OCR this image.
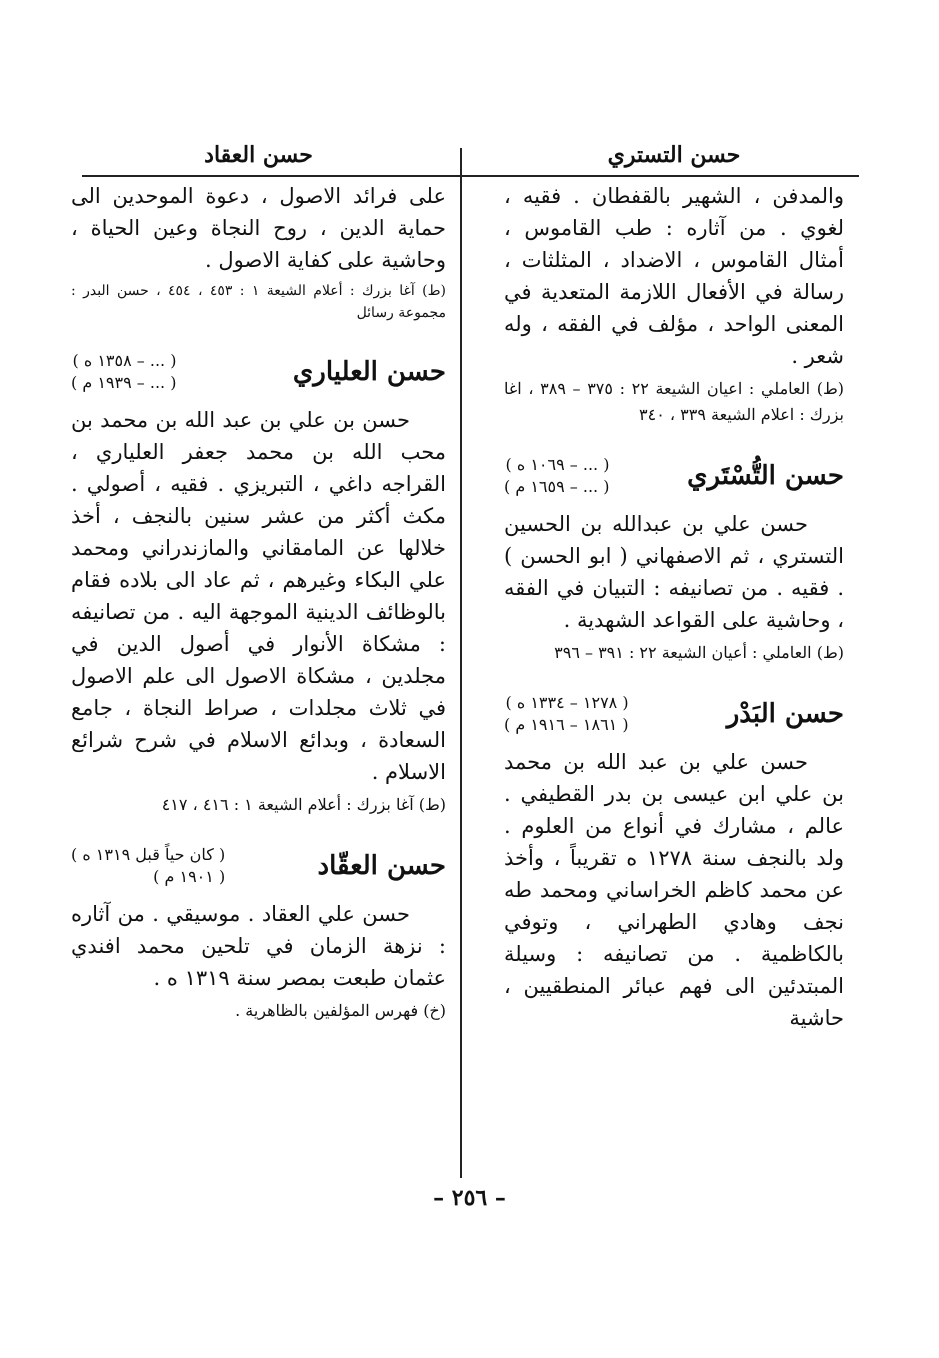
حسن التستري

والمدفن ، الشهير بالقفطان . فقيه ، لغوي . من آثاره : طب القاموس ، أمثال القاموس ، الاضداد ، المثلثات ، رسالة في الأفعال اللازمة المتعدية في المعنى الواحد ، مؤلف في الفقه ، وله شعر .

(ط) العاملي : اعيان الشيعة ٢٢ : ٣٧٥ – ٣٨٩ ، اغا بزرك : اعلام الشيعة ٣٣٩ ، ٣٤٠

حسن التُّسْتَري
( ... – ١٠٦٩ ه )
( ... – ١٦٥٩ م )

حسن علي بن عبدالله بن الحسين التستري ، ثم الاصفهاني ( ابو الحسن ) . فقيه . من تصانيفه : التبيان في الفقه ، وحاشية على القواعد الشهدية .

(ط) العاملي : أعيان الشيعة ٢٢ : ٣٩١ – ٣٩٦

حسن البَدْر
( ١٢٧٨ – ١٣٣٤ ه )
( ١٨٦١ – ١٩١٦ م )

حسن علي بن عبد الله بن محمد بن علي ابن عيسى بن بدر القطيفي . عالم ، مشارك في أنواع من العلوم . ولد بالنجف سنة ١٢٧٨ ه تقريباً ، وأخذ عن محمد كاظم الخراساني ومحمد طه نجف وهادي الطهراني ، وتوفي بالكاظمية . من تصانيفه : وسيلة المبتدئين الى فهم عبائر المنطقيين ، حاشية

حسن العقاد

على فرائد الاصول ، دعوة الموحدين الى حماية الدين ، روح النجاة وعين الحياة ، وحاشية على كفاية الاصول .

(ط) آغا بزرك : أعلام الشيعة ١ : ٤٥٣ ، ٤٥٤ ، حسن البدر : مجموعة رسائل

حسن العلياري
( ... – ١٣٥٨ ه )
( ... – ١٩٣٩ م )

حسن بن علي بن عبد الله بن محمد بن محب الله بن محمد جعفر العلياري ، القراجه داغي ، التبريزي . فقيه ، أصولي . مكث أكثر من عشر سنين بالنجف ، أخذ خلالها عن المامقاني والمازندراني ومحمد علي البكاء وغيرهم ، ثم عاد الى بلاده فقام بالوظائف الدينية الموجهة اليه . من تصانيفه : مشكاة الأنوار في أصول الدين في مجلدين ، مشكاة الاصول الى علم الاصول في ثلاث مجلدات ، صراط النجاة ، جامع السعادة ، وبدائع الاسلام في شرح شرائع الاسلام .

(ط) آغا بزرك : أعلام الشيعة ١ : ٤١٦ ، ٤١٧

حسن العقّاد
( كان حياً قبل ١٣١٩ ه )
( ١٩٠١ م )

حسن علي العقاد . موسيقي . من آثاره : نزهة الزمان في تلحين محمد افندي عثمان طبعت بمصر سنة ١٣١٩ ه .

(خ) فهرس المؤلفين بالظاهرية .

– ٢٥٦ –
